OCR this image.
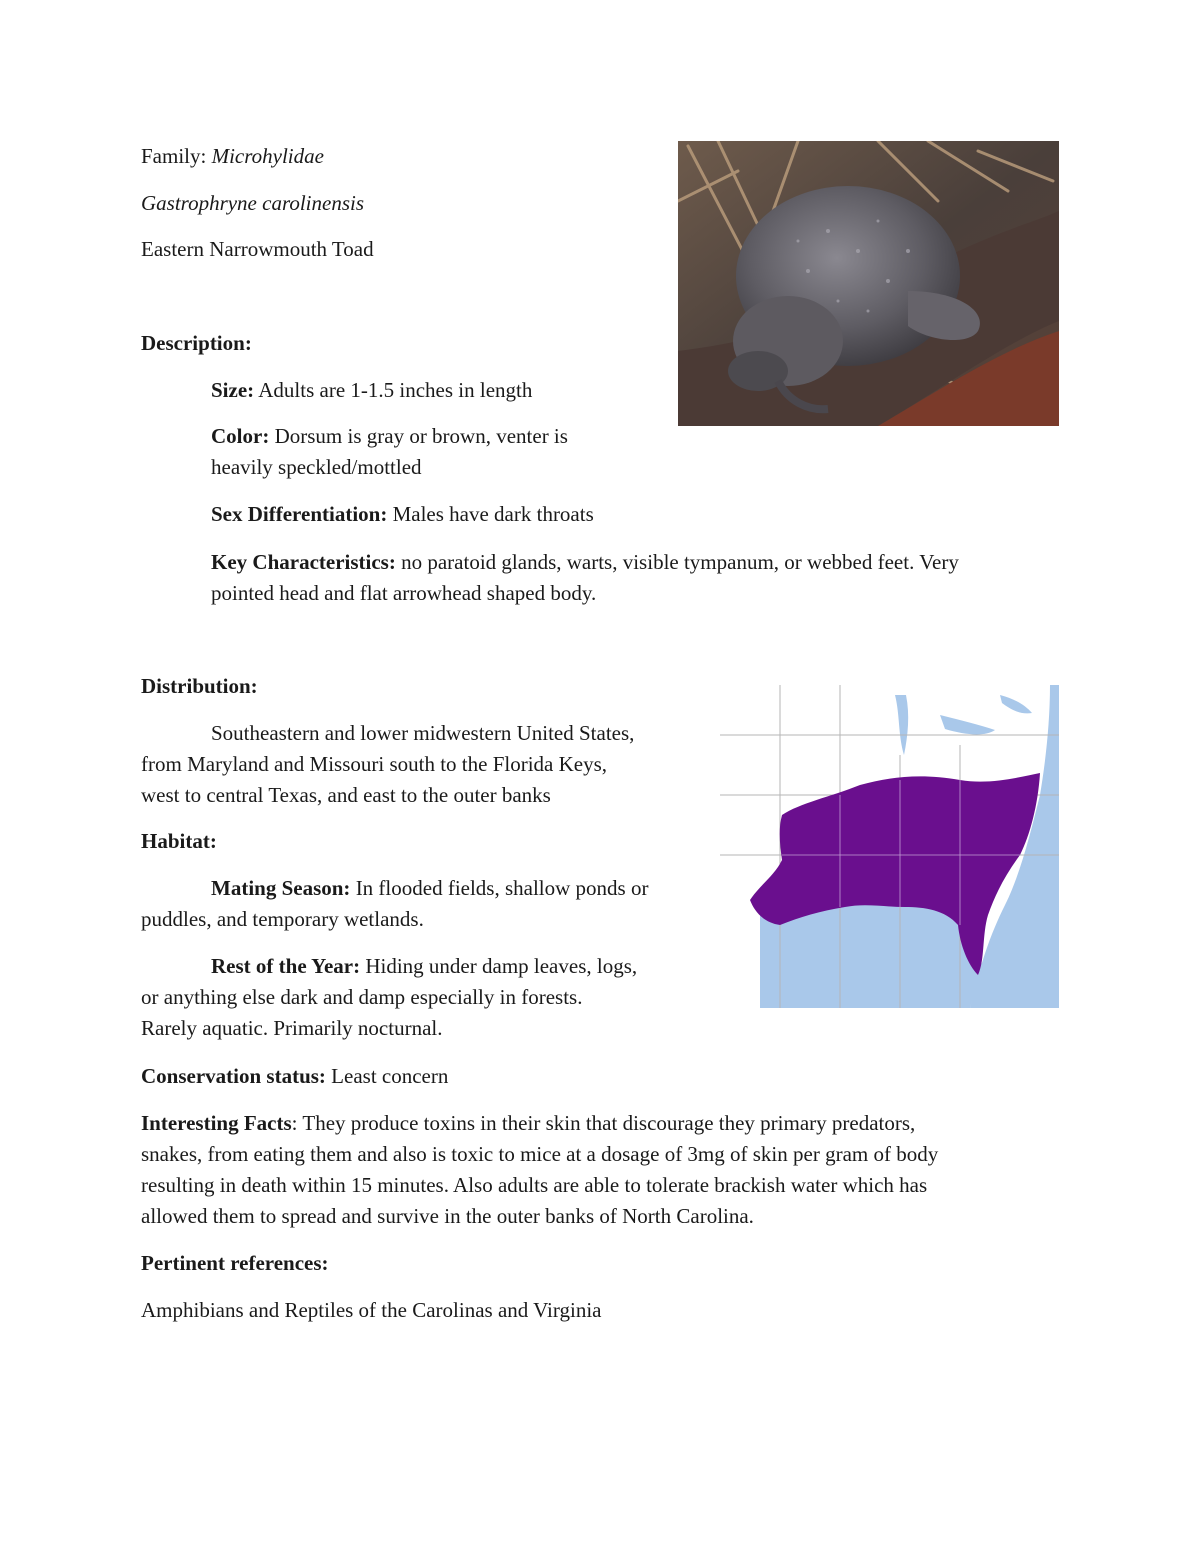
Family: Microhylidae
Gastrophryne carolinensis
Eastern Narrowmouth Toad
Description:
Size: Adults are 1-1.5 inches in length
Color: Dorsum is gray or brown, venter is
heavily speckled/mottled
Sex Differentiation: Males have dark throats
Key Characteristics: no paratoid glands, warts, visible tympanum, or webbed feet. Very
pointed head and flat arrowhead shaped body.
Distribution:
Southeastern and lower midwestern United States,
from Maryland and Missouri south to the Florida Keys,
west to central Texas, and east to the outer banks
Habitat:
Mating Season: In flooded fields, shallow ponds or
puddles, and temporary wetlands.
Rest of the Year: Hiding under damp leaves, logs,
or anything else dark and damp especially in forests.
Rarely aquatic. Primarily nocturnal.
Conservation status: Least concern
Interesting Facts: They produce toxins in their skin that discourage they primary predators,
snakes, from eating them and also is toxic to mice at a dosage of 3mg of skin per gram of body
resulting in death within 15 minutes. Also adults are able to tolerate brackish water which has
allowed them to spread and survive in the outer banks of North Carolina.
Pertinent references:
Amphibians and Reptiles of the Carolinas and Virginia
